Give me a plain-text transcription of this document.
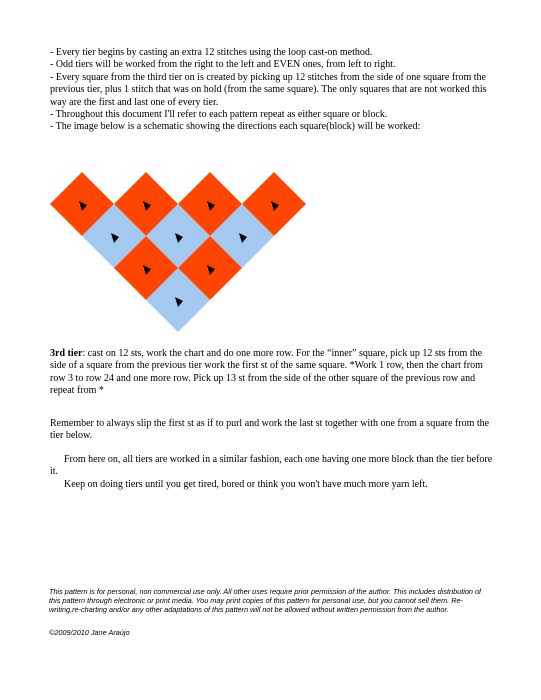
- Every tier begins by casting an extra 12 stitches using the loop cast-on method.
- Odd tiers will be worked from the right to the left and EVEN ones, from left to right.
- Every square from the third tier on is created by picking up 12 stitches from the side of one square from the previous tier, plus 1 stitch that was on hold (from the same square). The only squares that are not worked this way are the first and last one of every tier.
- Throughout this document I'll refer to each pattern repeat as either square or block.
- The image below is a schematic showing the directions each square(block) will be worked:

3rd tier: cast on 12 sts, work the chart and do one more row. For the “inner” square, pick up 12 sts from the side of a square from the previous tier work the first st of the same square. *Work 1 row, then the chart from row 3 to row 24 and one more row. Pick up 13 st from the side of the other square of the previous row and repeat from *

Remember to always slip the first st as if to purl and work the last st together with one from a square from the tier below.

From here on, all tiers are worked in a similar fashion, each one having one more block than the tier before it.

Keep on doing tiers until you get tired, bored or think you won't have much more yarn left.

This pattern is for personal, non commercial use only. All other uses require prior permission of the author. This includes distribution of this pattern through electronic or print media. You may print copies of this pattern for personal use, but you cannot sell them. Re-writing,re-charting and/or any other adaptations of this pattern will not be allowed without written permission from the author.

©2009/2010 Jane Araújo
